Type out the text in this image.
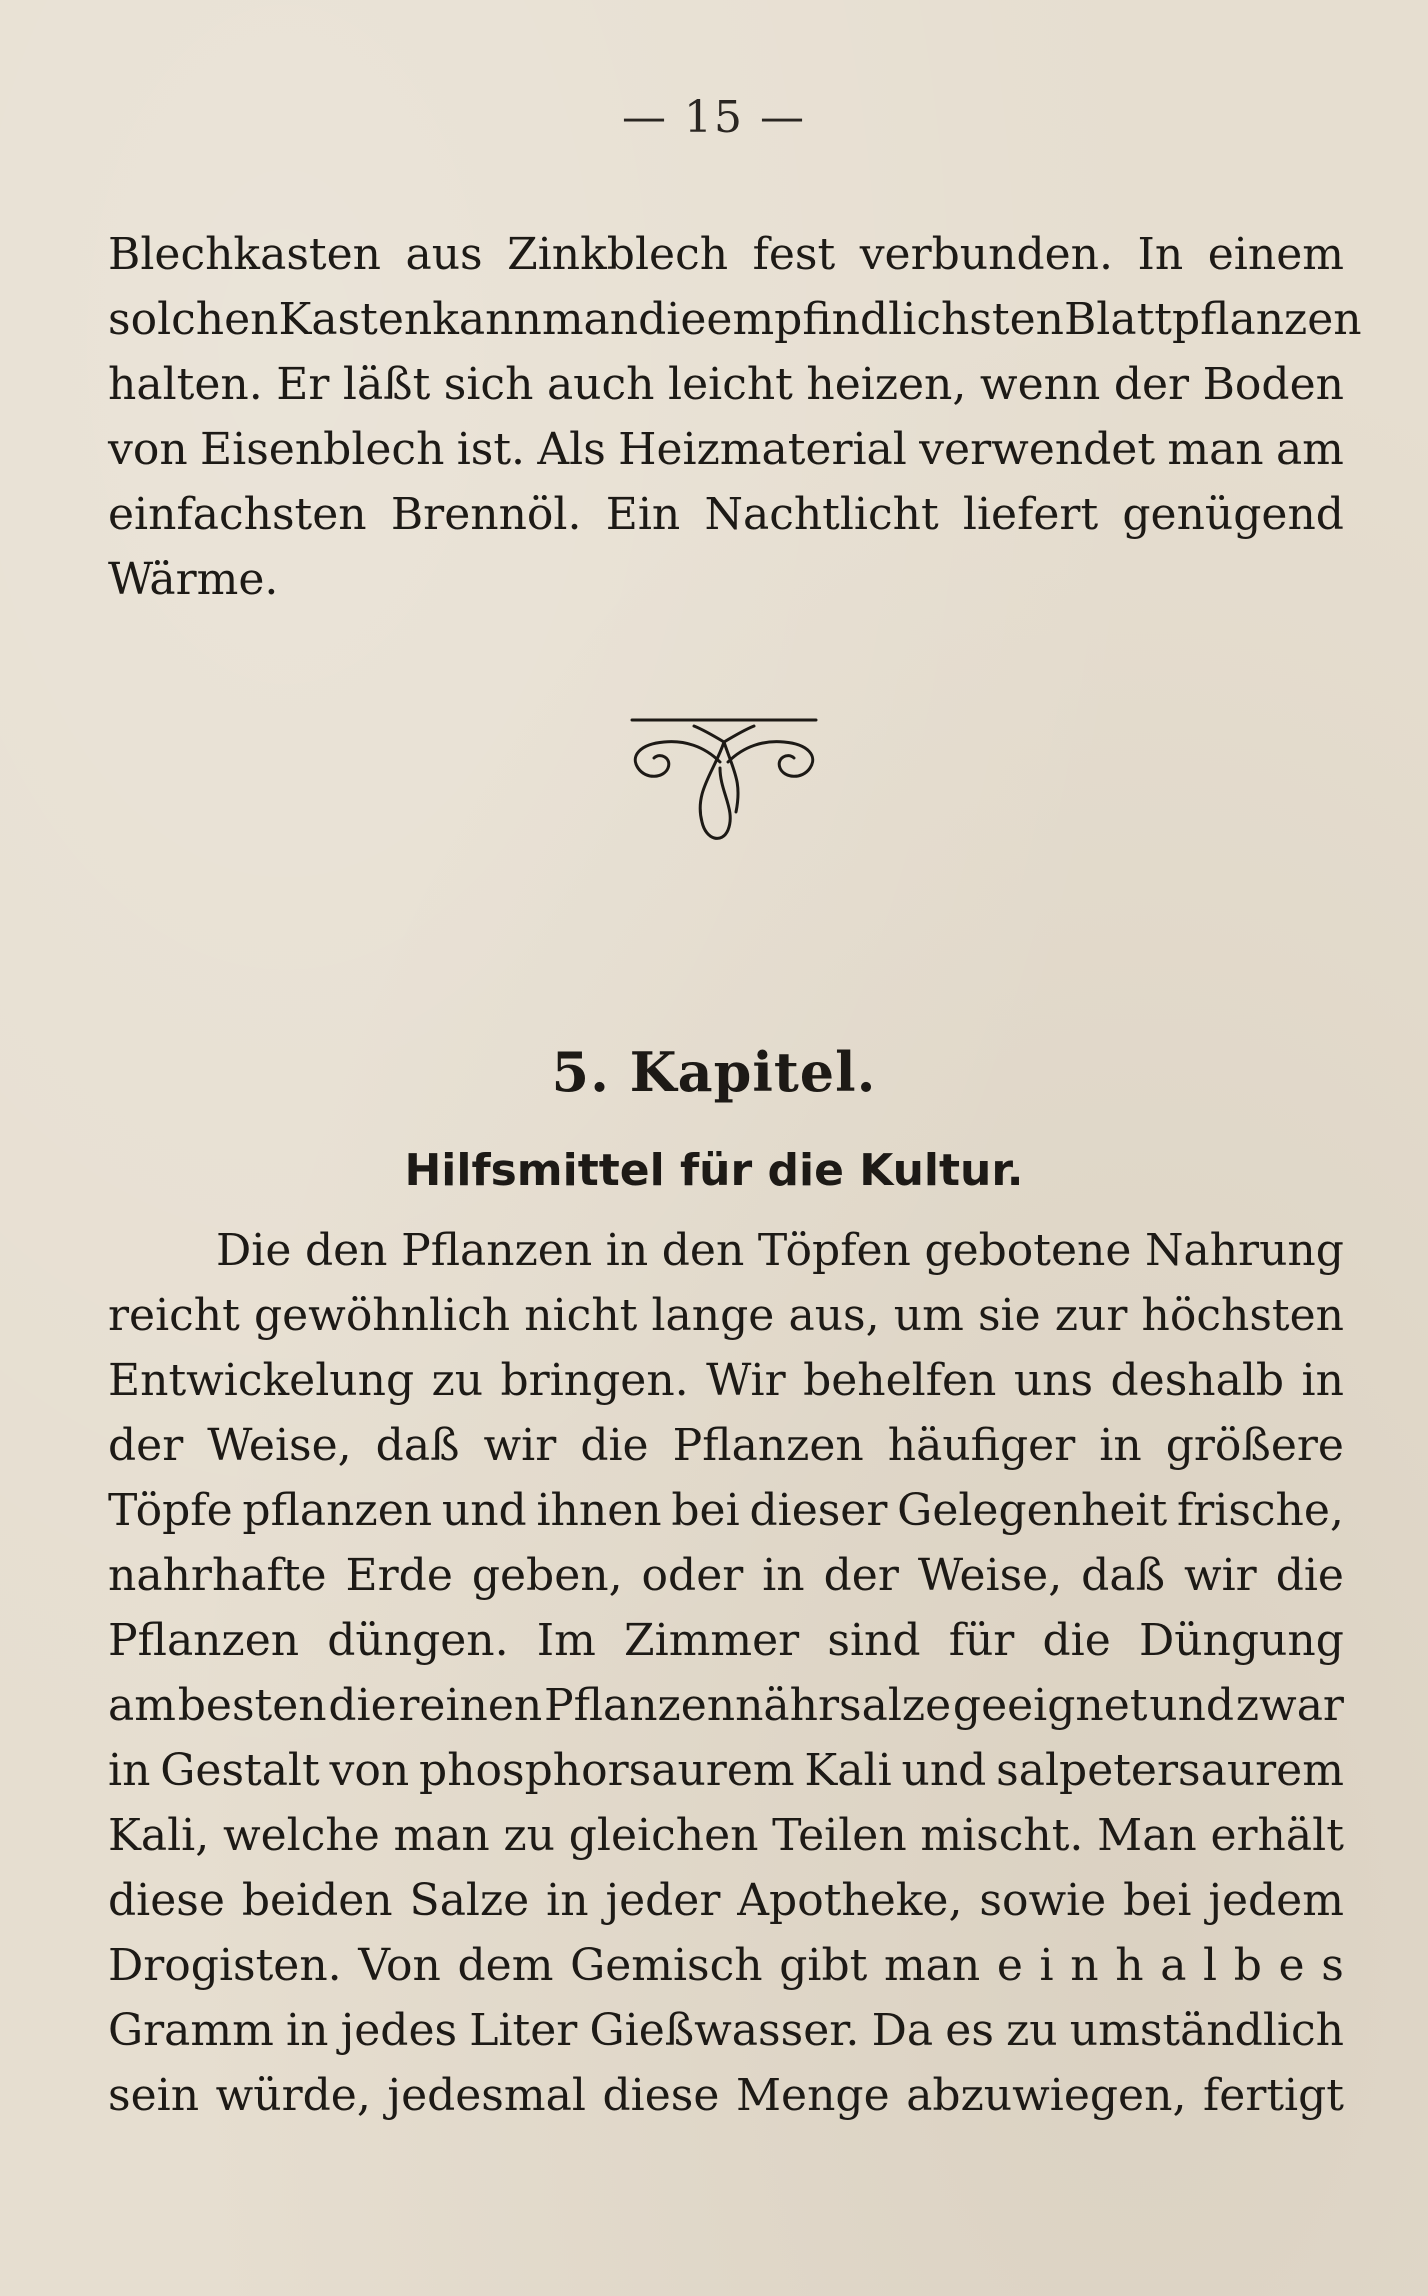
— 15 —
Blechkasten aus Zinkblech fest verbunden. In einem
solchen Kasten kann man die empfindlichsten Blattpflanzen
halten. Er läßt sich auch leicht heizen, wenn der Boden
von Eisenblech ist. Als Heizmaterial verwendet man am
einfachsten Brennöl. Ein Nachtlicht liefert genügend
Wärme.
5. Kapitel.
Hilfsmittel für die Kultur.
Die den Pflanzen in den Töpfen gebotene Nahrung
reicht gewöhnlich nicht lange aus, um sie zur höchsten
Entwickelung zu bringen. Wir behelfen uns deshalb in
der Weise, daß wir die Pflanzen häufiger in größere
Töpfe pflanzen und ihnen bei dieser Gelegenheit frische,
nahrhafte Erde geben, oder in der Weise, daß wir die
Pflanzen düngen. Im Zimmer sind für die Düngung
am besten die reinen Pflanzennährsalze geeignet und zwar
in Gestalt von phosphorsaurem Kali und salpetersaurem
Kali, welche man zu gleichen Teilen mischt. Man erhält
diese beiden Salze in jeder Apotheke, sowie bei jedem
Drogisten. Von dem Gemisch gibt man e i n h a l b e s
Gramm in jedes Liter Gießwasser. Da es zu umständlich
sein würde, jedesmal diese Menge abzuwiegen, fertigt
